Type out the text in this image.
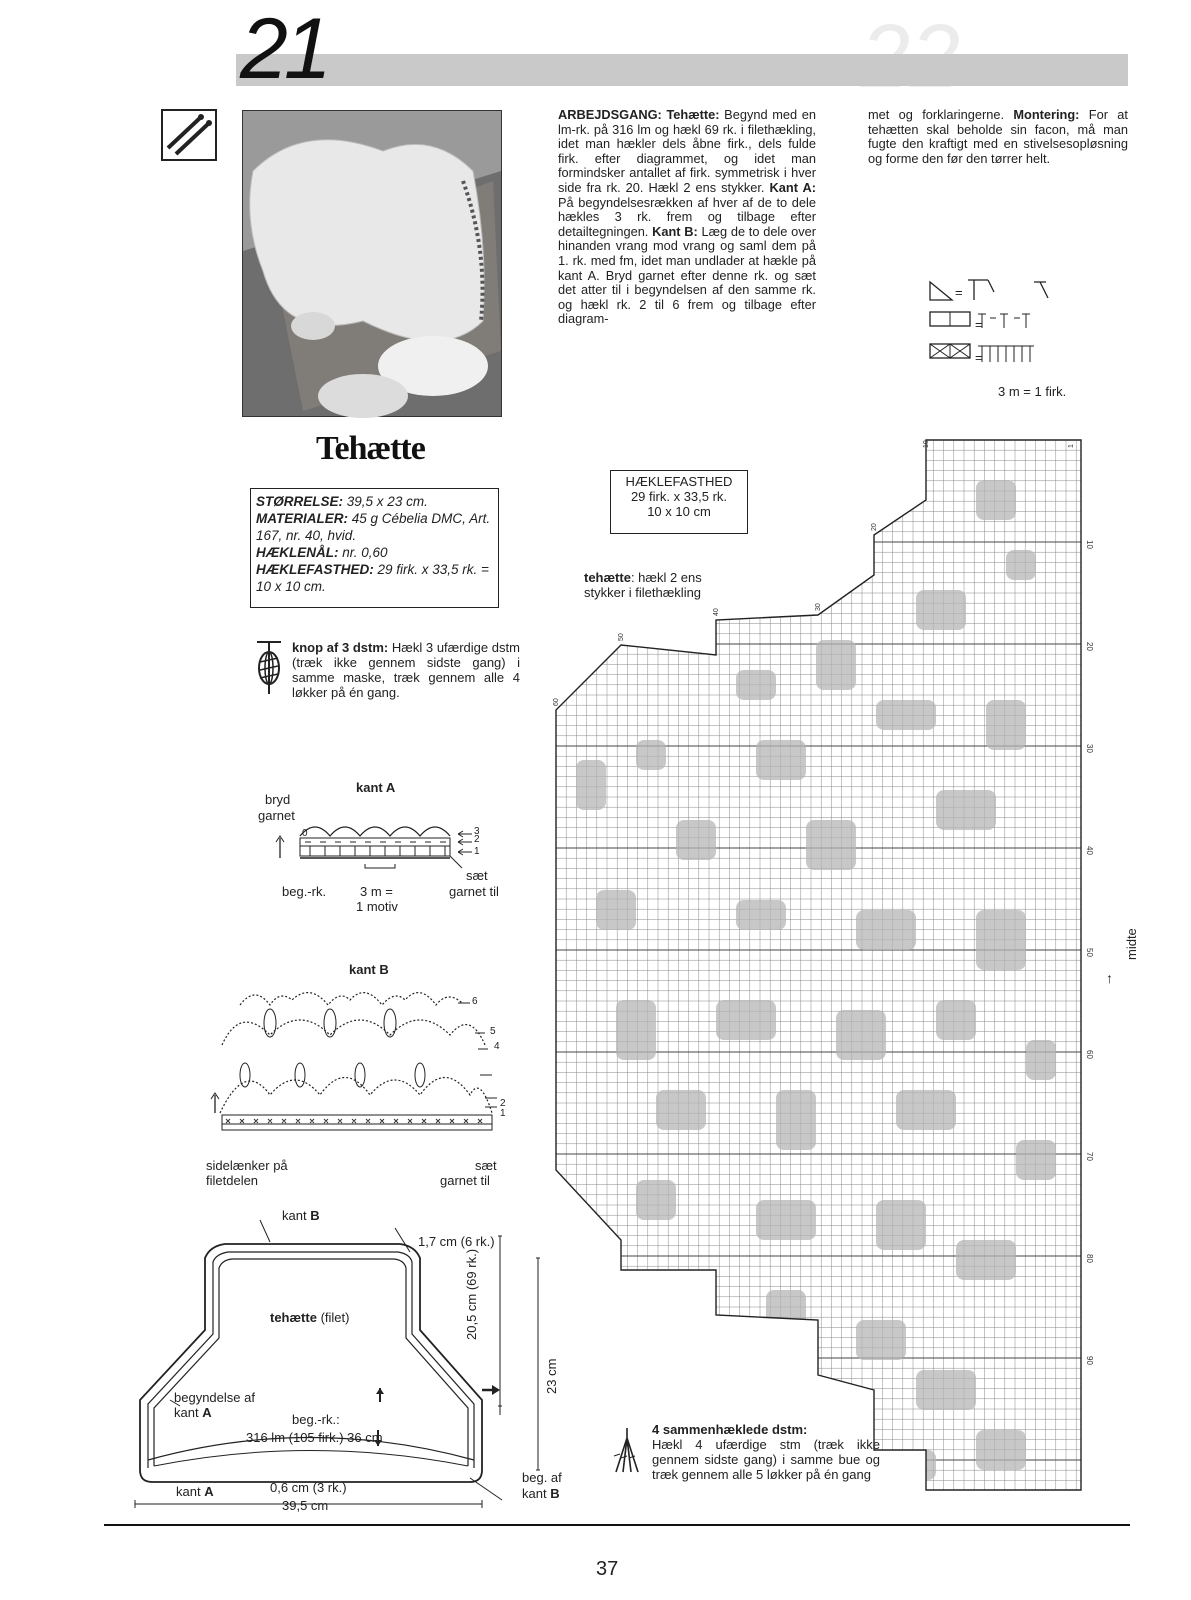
21
Tehætte
STØRRELSE: 39,5 x 23 cm.
MATERIALER: 45 g Cébelia DMC, Art. 167, nr. 40, hvid.
HÆKLENÅL: nr. 0,60
HÆKLEFASTHED: 29 firk. x 33,5 rk. = 10 x 10 cm.
knop af 3 dstm: Hækl 3 ufærdige dstm (træk ikke gennem sidste gang) i samme maske, træk gennem alle 4 løkker på én gang.
kant A
bryd
garnet
0	3
2
1
sæt
beg.-rk.	3 m =
1 motiv
garnet til
kant B
6
5
4
2
1
sidelænker på
filetdelen
sæt
garnet til
kant B
1,7 cm (6 rk.)
tehætte (filet)
begyndelse af
kant A	beg.-rk.:
316 lm (105 firk.) 36 cm
0,6 cm (3 rk.)
kant A
39,5 cm
beg. af
kant B
20,5 cm (69 rk.)
23 cm
ARBEJDSGANG: Tehætte: Begynd med en lm-rk. på 316 lm og hækl 69 rk. i filethækling, idet man hækler dels åbne firk., dels fulde firk. efter diagrammet, og idet man formindsker antallet af firk. symmetrisk i hver side fra rk. 20. Hækl 2 ens stykker. Kant A: På begyndelsesrækken af hver af de to dele hækles 3 rk. frem og tilbage efter detailtegningen. Kant B: Læg de to dele over hinanden vrang mod vrang og saml dem på 1. rk. med fm, idet man undlader at hækle på kant A. Bryd garnet efter denne rk. og sæt det atter til i begyndelsen af den samme rk. og hækl rk. 2 til 6 frem og tilbage efter diagram-
met og forklaringerne. Montering: For at tehætten skal beholde sin facon, må man fugte den kraftigt med en stivelsesopløsning og forme den før den tørrer helt.
=
=
=
3 m = 1 firk.
HÆKLEFASTHED
29 firk. x 33,5 rk.
10 x 10 cm
tehætte: hækl 2 ens stykker i filethækling
10
20
30
40
50
60
70
80
90
60
50
40
30
20
10	1
midte
↑
4 sammenhæklede dstm:
Hækl 4 ufærdige stm (træk ikke gennem sidste gang) i samme bue og træk gennem alle 5 løkker på én gang
37
